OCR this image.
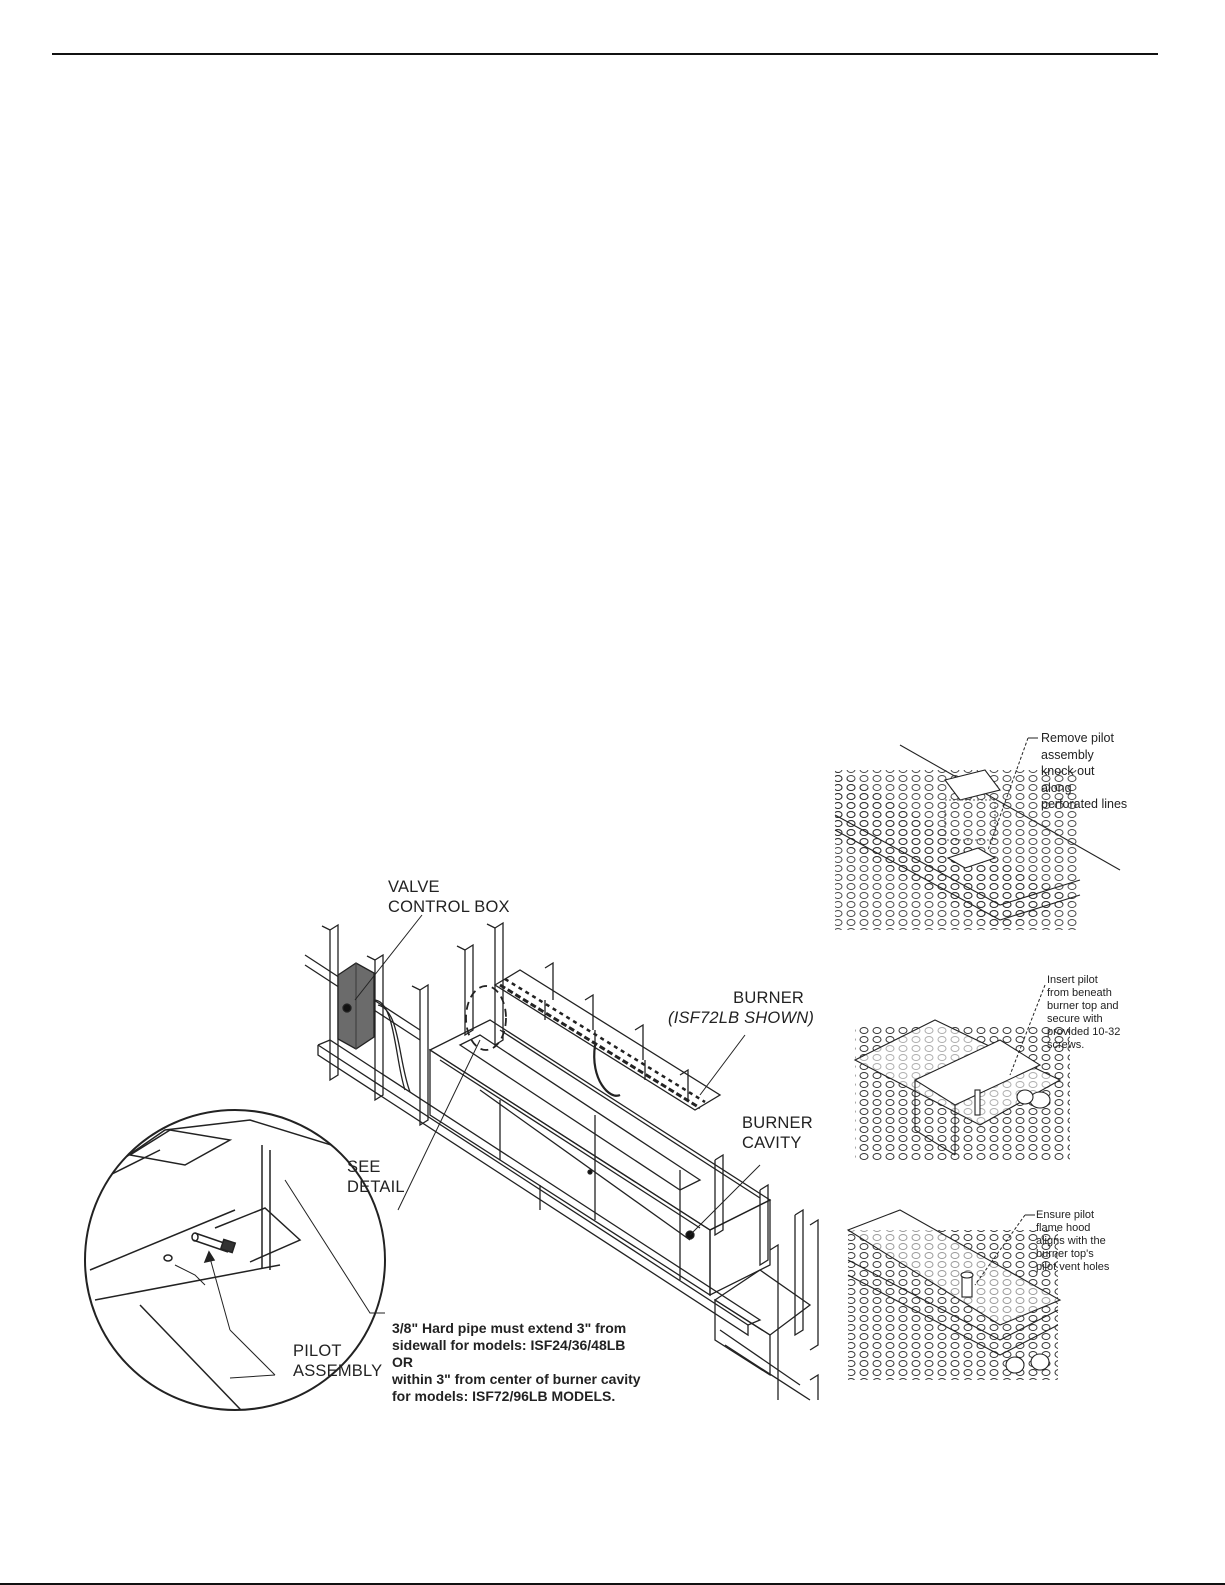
VALVE
CONTROL BOX
BURNER
(ISF72LB SHOWN)
BURNER
CAVITY
SEE
DETAIL
PILOT
ASSEMBLY
3/8" Hard pipe must extend 3" from
sidewall for models: ISF24/36/48LB
OR
within 3" from center of burner cavity
for models: ISF72/96LB MODELS.
Remove pilot
assembly
knock out
along
perforated lines
Insert pilot
from beneath
burner top and
secure with
provided 10-32
screws.
Ensure pilot
flame hood
aligns with the
burner top's
pilot vent holes
